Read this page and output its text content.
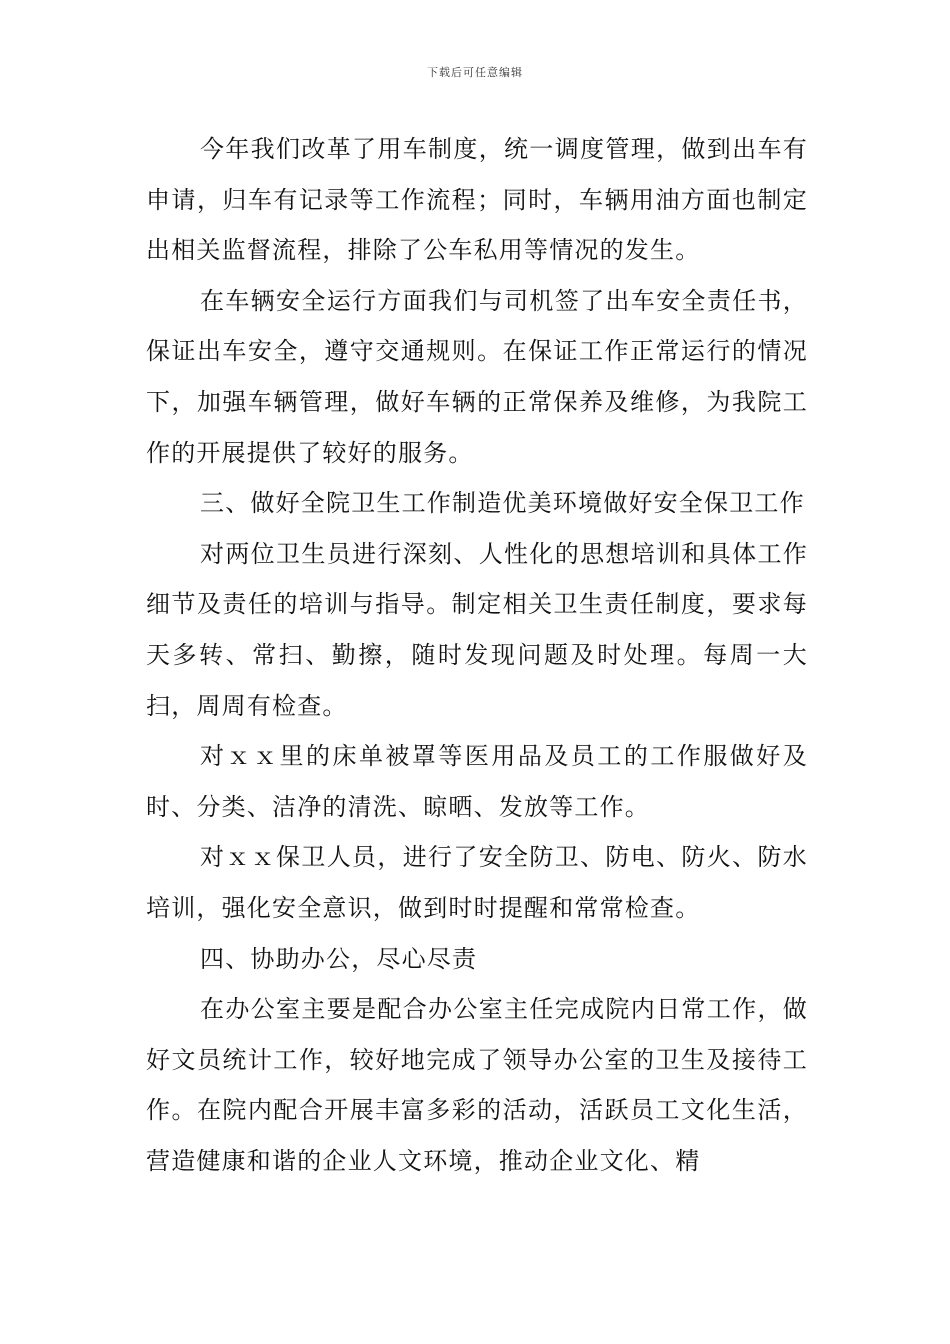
下载后可任意编辑

今年我们改革了用车制度，统一调度管理，做到出车有申请，归车有记录等工作流程；同时，车辆用油方面也制定出相关监督流程，排除了公车私用等情况的发生。

在车辆安全运行方面我们与司机签了出车安全责任书，保证出车安全，遵守交通规则。在保证工作正常运行的情况下，加强车辆管理，做好车辆的正常保养及维修，为我院工作的开展提供了较好的服务。

三、做好全院卫生工作制造优美环境做好安全保卫工作

对两位卫生员进行深刻、人性化的思想培训和具体工作细节及责任的培训与指导。制定相关卫生责任制度，要求每天多转、常扫、勤擦，随时发现问题及时处理。每周一大扫，周周有检查。

对ｘｘ里的床单被罩等医用品及员工的工作服做好及时、分类、洁净的清洗、晾晒、发放等工作。

对ｘｘ保卫人员，进行了安全防卫、防电、防火、防水培训，强化安全意识，做到时时提醒和常常检查。

四、协助办公，尽心尽责

在办公室主要是配合办公室主任完成院内日常工作，做好文员统计工作，较好地完成了领导办公室的卫生及接待工作。在院内配合开展丰富多彩的活动，活跃员工文化生活，营造健康和谐的企业人文环境，推动企业文化、精
